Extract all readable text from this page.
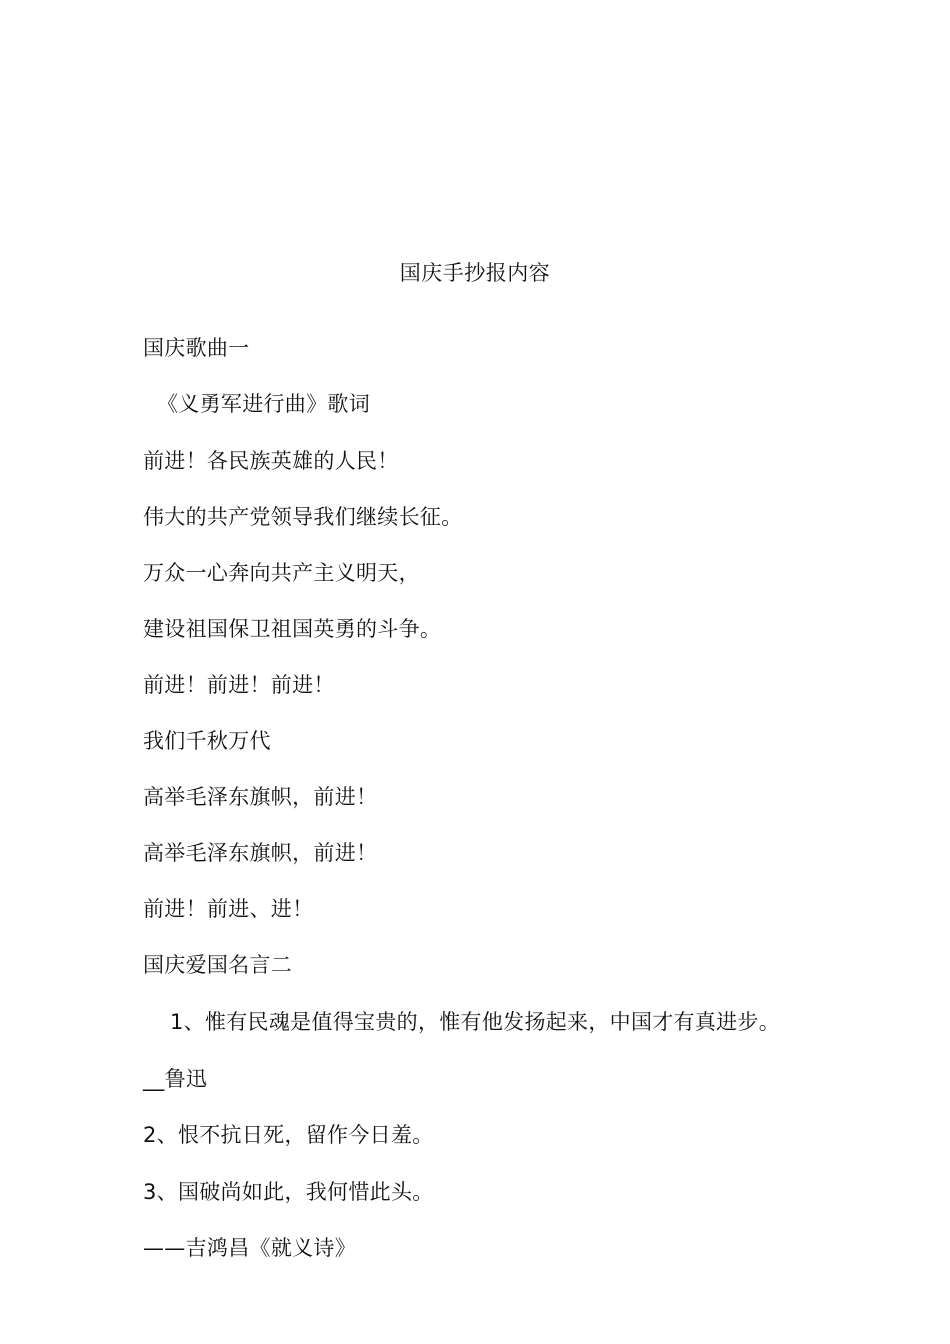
国庆手抄报内容
国庆歌曲一
《义勇军进行曲》歌词
前进！各民族英雄的人民！
伟大的共产党领导我们继续长征。
万众一心奔向共产主义明天，
建设祖国保卫祖国英勇的斗争。
前进！前进！前进！
我们千秋万代
高举毛泽东旗帜，前进！
高举毛泽东旗帜，前进！
前进！前进、进！
国庆爱国名言二
1、惟有民魂是值得宝贵的，惟有他发扬起来，中国才有真进步。
__鲁迅
2、恨不抗日死，留作今日羞。
3、国破尚如此，我何惜此头。
——吉鸿昌《就义诗》
